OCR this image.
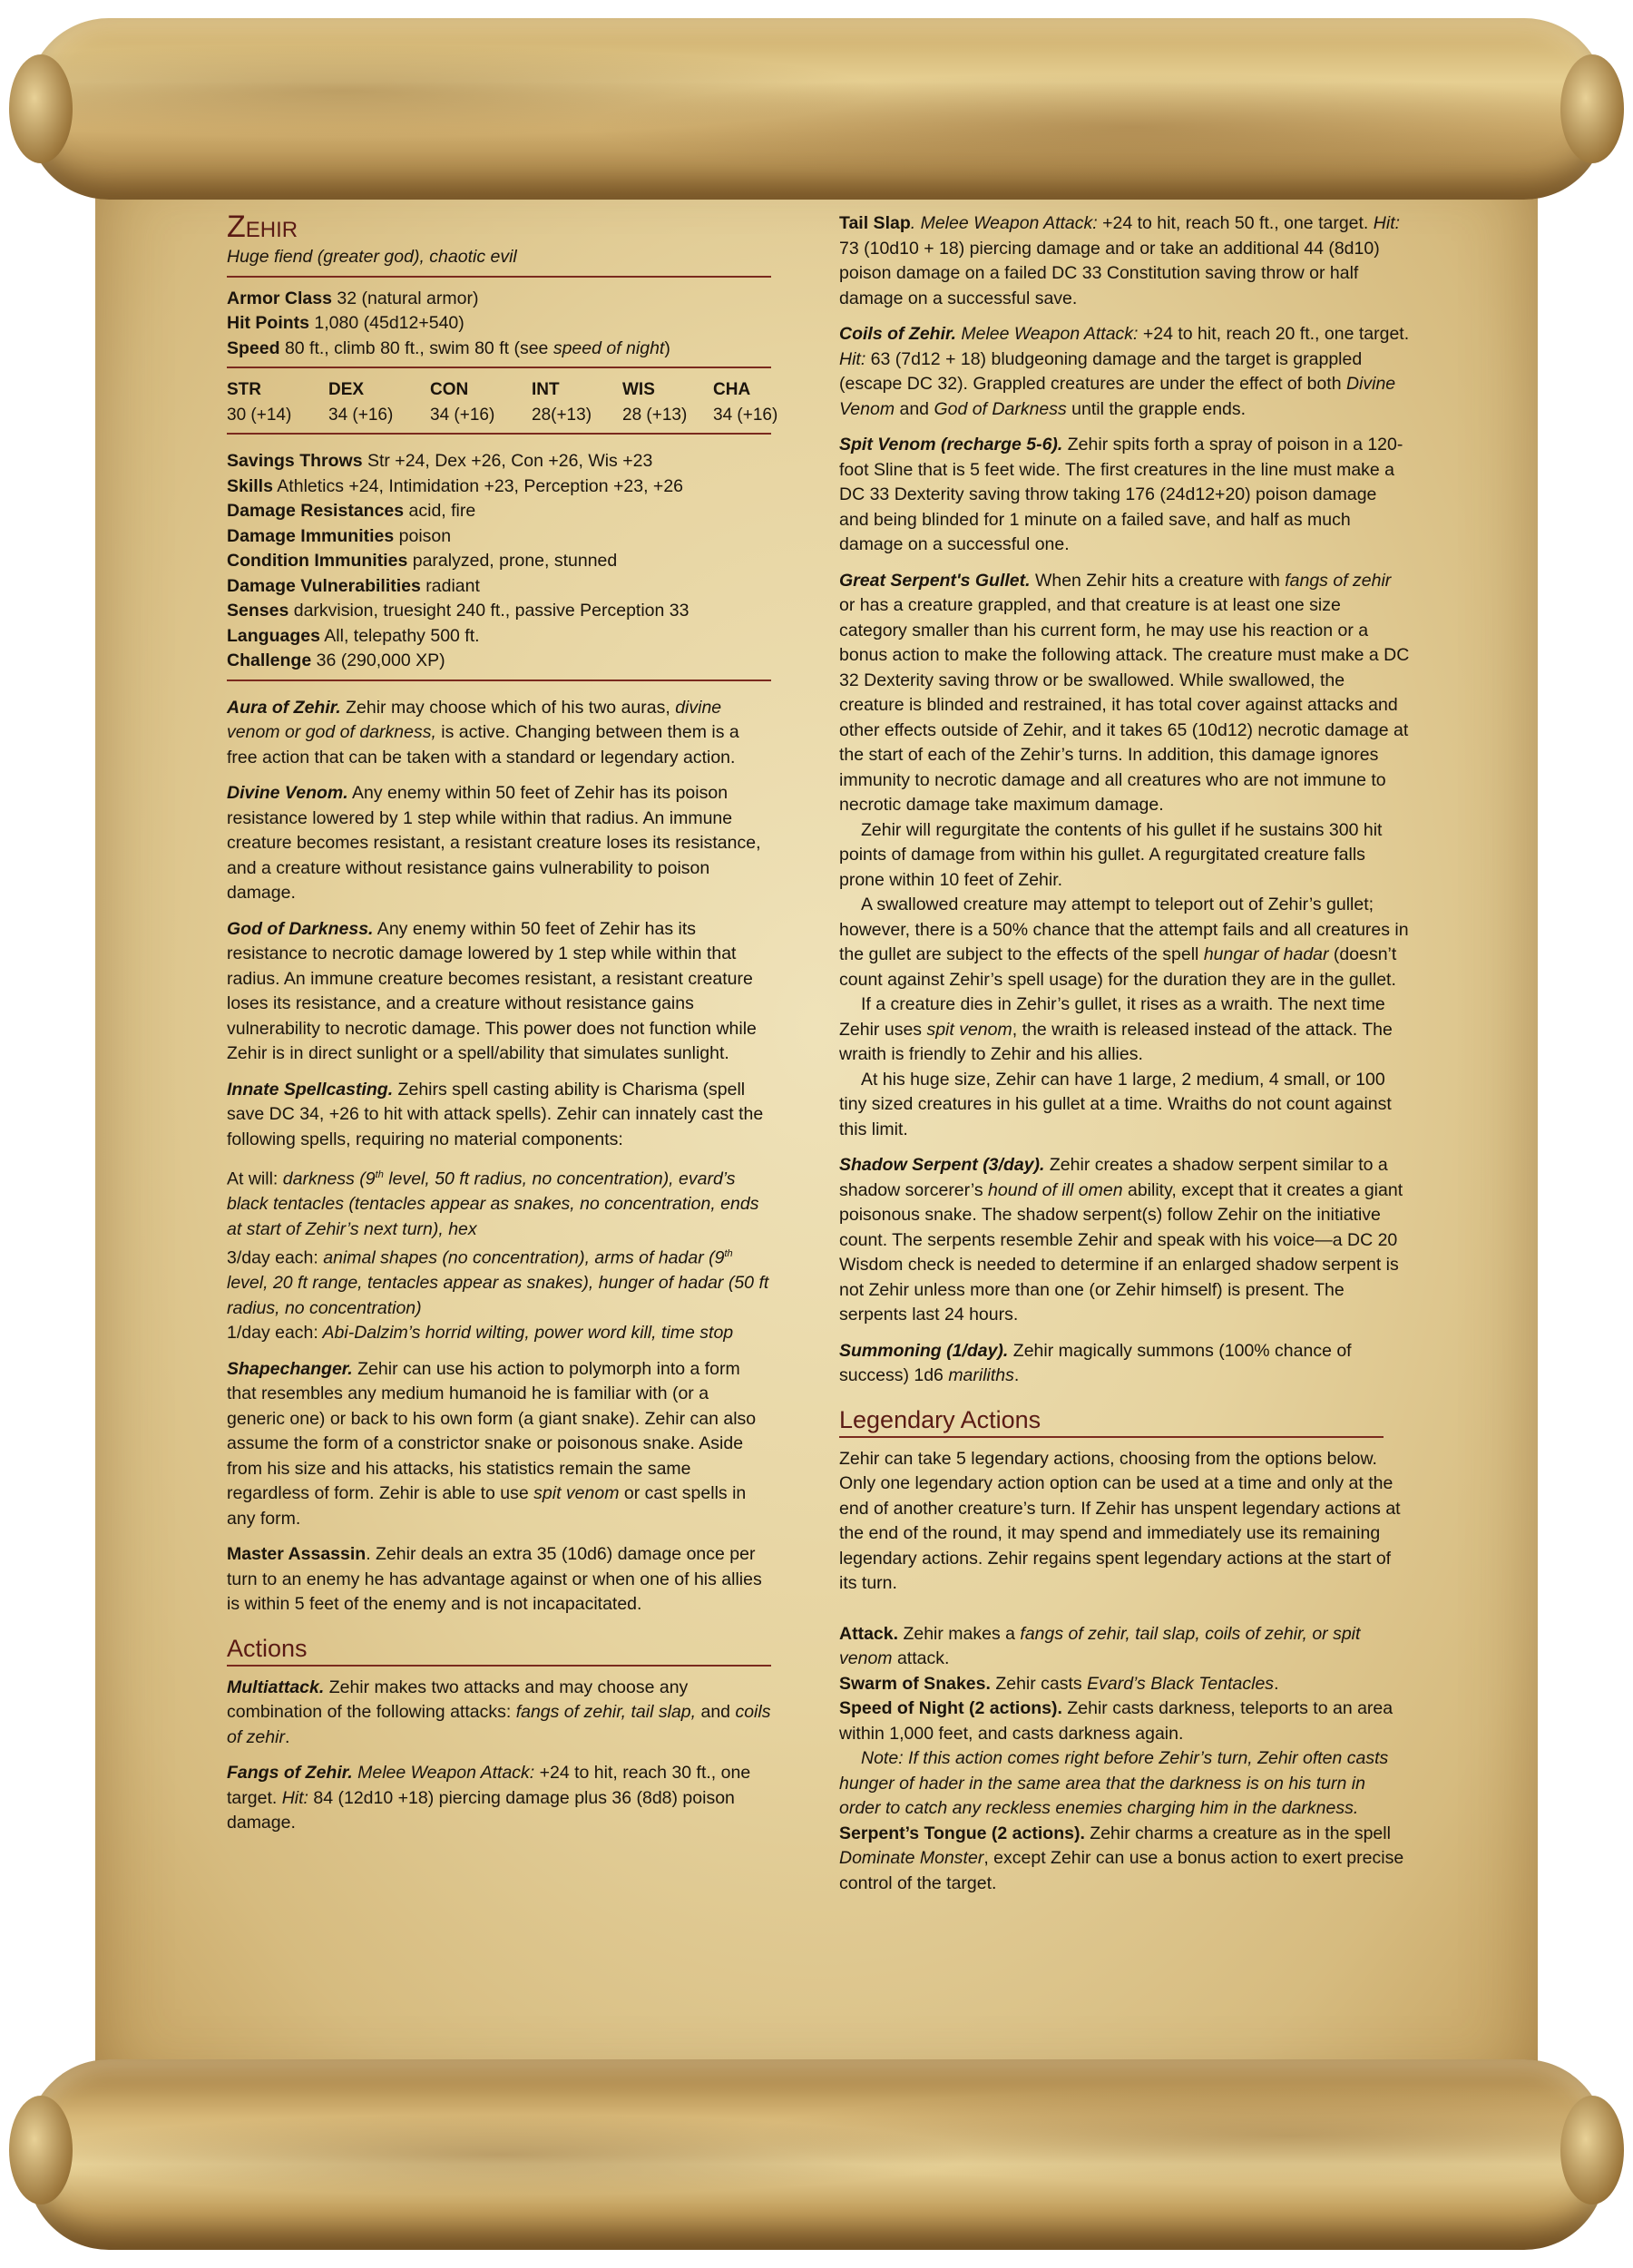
Zehir
Huge fiend (greater god), chaotic evil
Armor Class 32 (natural armor)
Hit Points 1,080 (45d12+540)
Speed 80 ft., climb 80 ft., swim 80 ft (see speed of night)
STR	DEX	CON	INT	WIS	CHA
30 (+14)	34 (+16)	34 (+16)	28(+13)	28 (+13)	34 (+16)
Savings Throws Str +24, Dex +26, Con +26, Wis +23
Skills Athletics +24, Intimidation +23, Perception +23, +26
Damage Resistances acid, fire
Damage Immunities poison
Condition Immunities paralyzed, prone, stunned
Damage Vulnerabilities radiant
Senses darkvision, truesight 240 ft., passive Perception 33
Languages All, telepathy 500 ft.
Challenge 36 (290,000 XP)

Aura of Zehir. Zehir may choose which of his two auras, divine venom or god of darkness, is active. Changing between them is a free action that can be taken with a standard or legendary action.

Divine Venom. Any enemy within 50 feet of Zehir has its poison resistance lowered by 1 step while within that radius. An immune creature becomes resistant, a resistant creature loses its resistance, and a creature without resistance gains vulnerability to poison damage.

God of Darkness. Any enemy within 50 feet of Zehir has its resistance to necrotic damage lowered by 1 step while within that radius. An immune creature becomes resistant, a resistant creature loses its resistance, and a creature without resistance gains vulnerability to necrotic damage. This power does not function while Zehir is in direct sunlight or a spell/ability that simulates sunlight.

Innate Spellcasting. Zehirs spell casting ability is Charisma (spell save DC 34, +26 to hit with attack spells). Zehir can innately cast the following spells, requiring no material components:

At will: darkness (9th level, 50 ft radius, no concentration), evard’s black tentacles (tentacles appear as snakes, no concentration, ends at start of Zehir’s next turn), hex
3/day each: animal shapes (no concentration), arms of hadar (9th level, 20 ft range, tentacles appear as snakes), hunger of hadar (50 ft radius, no concentration)
1/day each: Abi-Dalzim’s horrid wilting, power word kill, time stop

Shapechanger. Zehir can use his action to polymorph into a form that resembles any medium humanoid he is familiar with (or a generic one) or back to his own form (a giant snake). Zehir can also assume the form of a constrictor snake or poisonous snake. Aside from his size and his attacks, his statistics remain the same regardless of form. Zehir is able to use spit venom or cast spells in any form.

Master Assassin. Zehir deals an extra 35 (10d6) damage once per turn to an enemy he has advantage against or when one of his allies is within 5 feet of the enemy and is not incapacitated.

Actions

Multiattack. Zehir makes two attacks and may choose any combination of the following attacks: fangs of zehir, tail slap, and coils of zehir.

Fangs of Zehir. Melee Weapon Attack: +24 to hit, reach 30 ft., one target. Hit: 84 (12d10 +18) piercing damage plus 36 (8d8) poison damage.

Tail Slap. Melee Weapon Attack: +24 to hit, reach 50 ft., one target. Hit: 73 (10d10 + 18) piercing damage and or take an additional 44 (8d10) poison damage on a failed DC 33 Constitution saving throw or half damage on a successful save.

Coils of Zehir. Melee Weapon Attack: +24 to hit, reach 20 ft., one target. Hit: 63 (7d12 + 18) bludgeoning damage and the target is grappled (escape DC 32). Grappled creatures are under the effect of both Divine Venom and God of Darkness until the grapple ends.

Spit Venom (recharge 5-6). Zehir spits forth a spray of poison in a 120-foot Sline that is 5 feet wide. The first creatures in the line must make a DC 33 Dexterity saving throw taking 176 (24d12+20) poison damage and being blinded for 1 minute on a failed save, and half as much damage on a successful one.

Great Serpent's Gullet. When Zehir hits a creature with fangs of zehir or has a creature grappled, and that creature is at least one size category smaller than his current form, he may use his reaction or a bonus action to make the following attack. The creature must make a DC 32 Dexterity saving throw or be swallowed. While swallowed, the creature is blinded and restrained, it has total cover against attacks and other effects outside of Zehir, and it takes 65 (10d12) necrotic damage at the start of each of the Zehir’s turns. In addition, this damage ignores immunity to necrotic damage and all creatures who are not immune to necrotic damage take maximum damage.

Zehir will regurgitate the contents of his gullet if he sustains 300 hit points of damage from within his gullet. A regurgitated creature falls prone within 10 feet of Zehir.

A swallowed creature may attempt to teleport out of Zehir’s gullet; however, there is a 50% chance that the attempt fails and all creatures in the gullet are subject to the effects of the spell hungar of hadar (doesn’t count against Zehir’s spell usage) for the duration they are in the gullet.

If a creature dies in Zehir’s gullet, it rises as a wraith. The next time Zehir uses spit venom, the wraith is released instead of the attack. The wraith is friendly to Zehir and his allies.

At his huge size, Zehir can have 1 large, 2 medium, 4 small, or 100 tiny sized creatures in his gullet at a time. Wraiths do not count against this limit.

Shadow Serpent (3/day). Zehir creates a shadow serpent similar to a shadow sorcerer’s hound of ill omen ability, except that it creates a giant poisonous snake. The shadow serpent(s) follow Zehir on the initiative count. The serpents resemble Zehir and speak with his voice—a DC 20 Wisdom check is needed to determine if an enlarged shadow serpent is not Zehir unless more than one (or Zehir himself) is present. The serpents last 24 hours.

Summoning (1/day). Zehir magically summons (100% chance of success) 1d6 mariliths.

Legendary Actions

Zehir can take 5 legendary actions, choosing from the options below. Only one legendary action option can be used at a time and only at the end of another creature’s turn. If Zehir has unspent legendary actions at the end of the round, it may spend and immediately use its remaining legendary actions. Zehir regains spent legendary actions at the start of its turn.

Attack. Zehir makes a fangs of zehir, tail slap, coils of zehir, or spit venom attack.
Swarm of Snakes. Zehir casts Evard’s Black Tentacles.
Speed of Night (2 actions). Zehir casts darkness, teleports to an area within 1,000 feet, and casts darkness again.
Note: If this action comes right before Zehir’s turn, Zehir often casts hunger of hader in the same area that the darkness is on his turn in order to catch any reckless enemies charging him in the darkness.
Serpent’s Tongue (2 actions). Zehir charms a creature as in the spell Dominate Monster, except Zehir can use a bonus action to exert precise control of the target.
